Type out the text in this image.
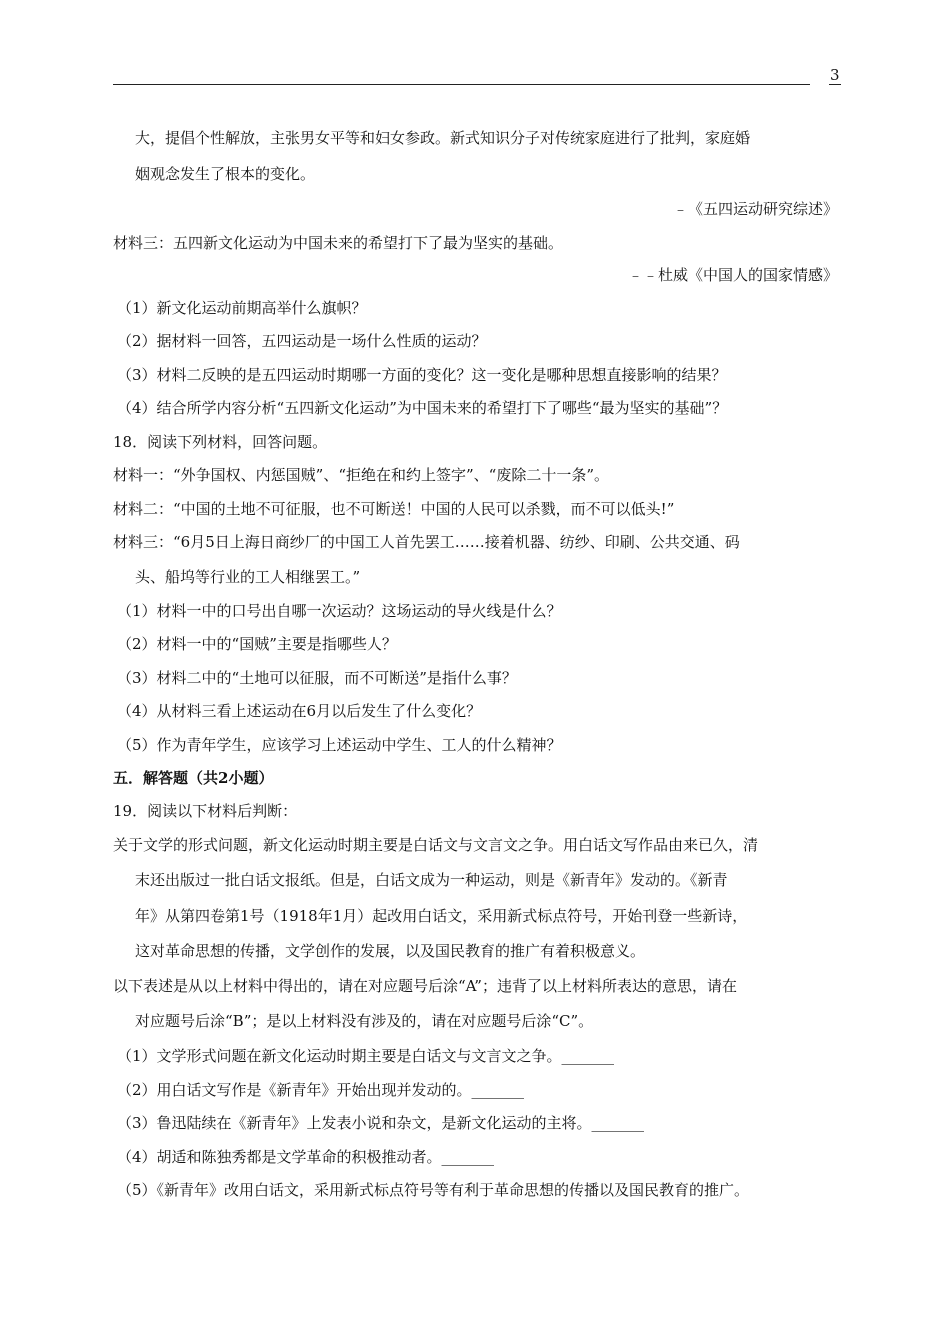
3
大，提倡个性解放，主张男女平等和妇女参政。新式知识分子对传统家庭进行了批判，家庭婚
姻观念发生了根本的变化。
﹣《五四运动研究综述》
材料三：五四新文化运动为中国未来的希望打下了最为坚实的基础。
﹣﹣杜威《中国人的国家情感》
（1）新文化运动前期高举什么旗帜？
（2）据材料一回答，五四运动是一场什么性质的运动？
（3）材料二反映的是五四运动时期哪一方面的变化？这一变化是哪种思想直接影响的结果？
（4）结合所学内容分析“五四新文化运动”为中国未来的希望打下了哪些“最为坚实的基础”？
18．阅读下列材料，回答问题。
材料一：“外争国权、内惩国贼”、“拒绝在和约上签字”、“废除二十一条”。
材料二：“中国的土地不可征服，也不可断送！中国的人民可以杀戮，而不可以低头!”
材料三：“6月5日上海日商纱厂的中国工人首先罢工……接着机器、纺纱、印刷、公共交通、码
头、船坞等行业的工人相继罢工。”
（1）材料一中的口号出自哪一次运动？这场运动的导火线是什么？
（2）材料一中的“国贼”主要是指哪些人？
（3）材料二中的“土地可以征服，而不可断送”是指什么事？
（4）从材料三看上述运动在6月以后发生了什么变化？
（5）作为青年学生，应该学习上述运动中学生、工人的什么精神？
五．解答题（共2小题）
19．阅读以下材料后判断：
关于文学的形式问题，新文化运动时期主要是白话文与文言文之争。用白话文写作品由来已久，清
末还出版过一批白话文报纸。但是，白话文成为一种运动，则是《新青年》发动的。《新青
年》从第四卷第1号（1918年1月）起改用白话文，采用新式标点符号，开始刊登一些新诗，
这对革命思想的传播，文学创作的发展，以及国民教育的推广有着积极意义。
以下表述是从以上材料中得出的，请在对应题号后涂“A”；违背了以上材料所表达的意思，请在
对应题号后涂“B”；是以上材料没有涉及的，请在对应题号后涂“C”。
（1）文学形式问题在新文化运动时期主要是白话文与文言文之争。_______
（2）用白话文写作是《新青年》开始出现并发动的。_______
（3）鲁迅陆续在《新青年》上发表小说和杂文，是新文化运动的主将。_______
（4）胡适和陈独秀都是文学革命的积极推动者。_______
（5）《新青年》改用白话文，采用新式标点符号等有利于革命思想的传播以及国民教育的推广。
